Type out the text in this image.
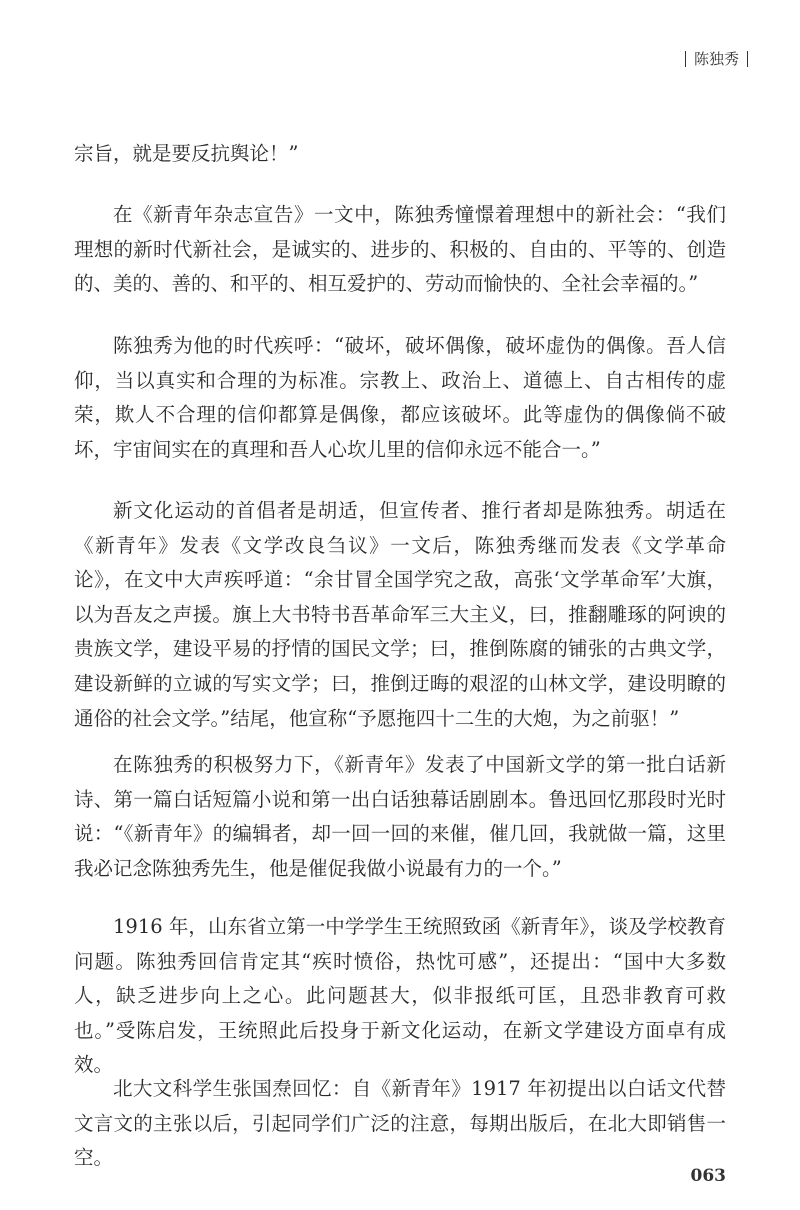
陈独秀

宗旨，就是要反抗舆论！”

在《新青年杂志宣告》一文中，陈独秀憧憬着理想中的新社会：“我们理想的新时代新社会，是诚实的、进步的、积极的、自由的、平等的、创造的、美的、善的、和平的、相互爱护的、劳动而愉快的、全社会幸福的。”

陈独秀为他的时代疾呼：“破坏，破坏偶像，破坏虚伪的偶像。吾人信仰，当以真实和合理的为标准。宗教上、政治上、道德上、自古相传的虚荣，欺人不合理的信仰都算是偶像，都应该破坏。此等虚伪的偶像倘不破坏，宇宙间实在的真理和吾人心坎儿里的信仰永远不能合一。”

新文化运动的首倡者是胡适，但宣传者、推行者却是陈独秀。胡适在《新青年》发表《文学改良刍议》一文后，陈独秀继而发表《文学革命论》，在文中大声疾呼道：“余甘冒全国学究之敌，高张‘文学革命军’大旗，以为吾友之声援。旗上大书特书吾革命军三大主义，曰，推翻雕琢的阿谀的贵族文学，建设平易的抒情的国民文学；曰，推倒陈腐的铺张的古典文学，建设新鲜的立诚的写实文学；曰，推倒迂晦的艰涩的山林文学，建设明瞭的通俗的社会文学。”结尾，他宣称“予愿拖四十二生的大炮，为之前驱！”

在陈独秀的积极努力下，《新青年》发表了中国新文学的第一批白话新诗、第一篇白话短篇小说和第一出白话独幕话剧剧本。鲁迅回忆那段时光时说：“《新青年》的编辑者，却一回一回的来催，催几回，我就做一篇，这里我必记念陈独秀先生，他是催促我做小说最有力的一个。”

1916 年，山东省立第一中学学生王统照致函《新青年》，谈及学校教育问题。陈独秀回信肯定其“疾时愤俗，热忱可感”，还提出：“国中大多数人，缺乏进步向上之心。此问题甚大，似非报纸可匡，且恐非教育可救也。”受陈启发，王统照此后投身于新文化运动，在新文学建设方面卓有成效。

北大文科学生张国焘回忆：自《新青年》1917 年初提出以白话文代替文言文的主张以后，引起同学们广泛的注意，每期出版后，在北大即销售一空。

063
